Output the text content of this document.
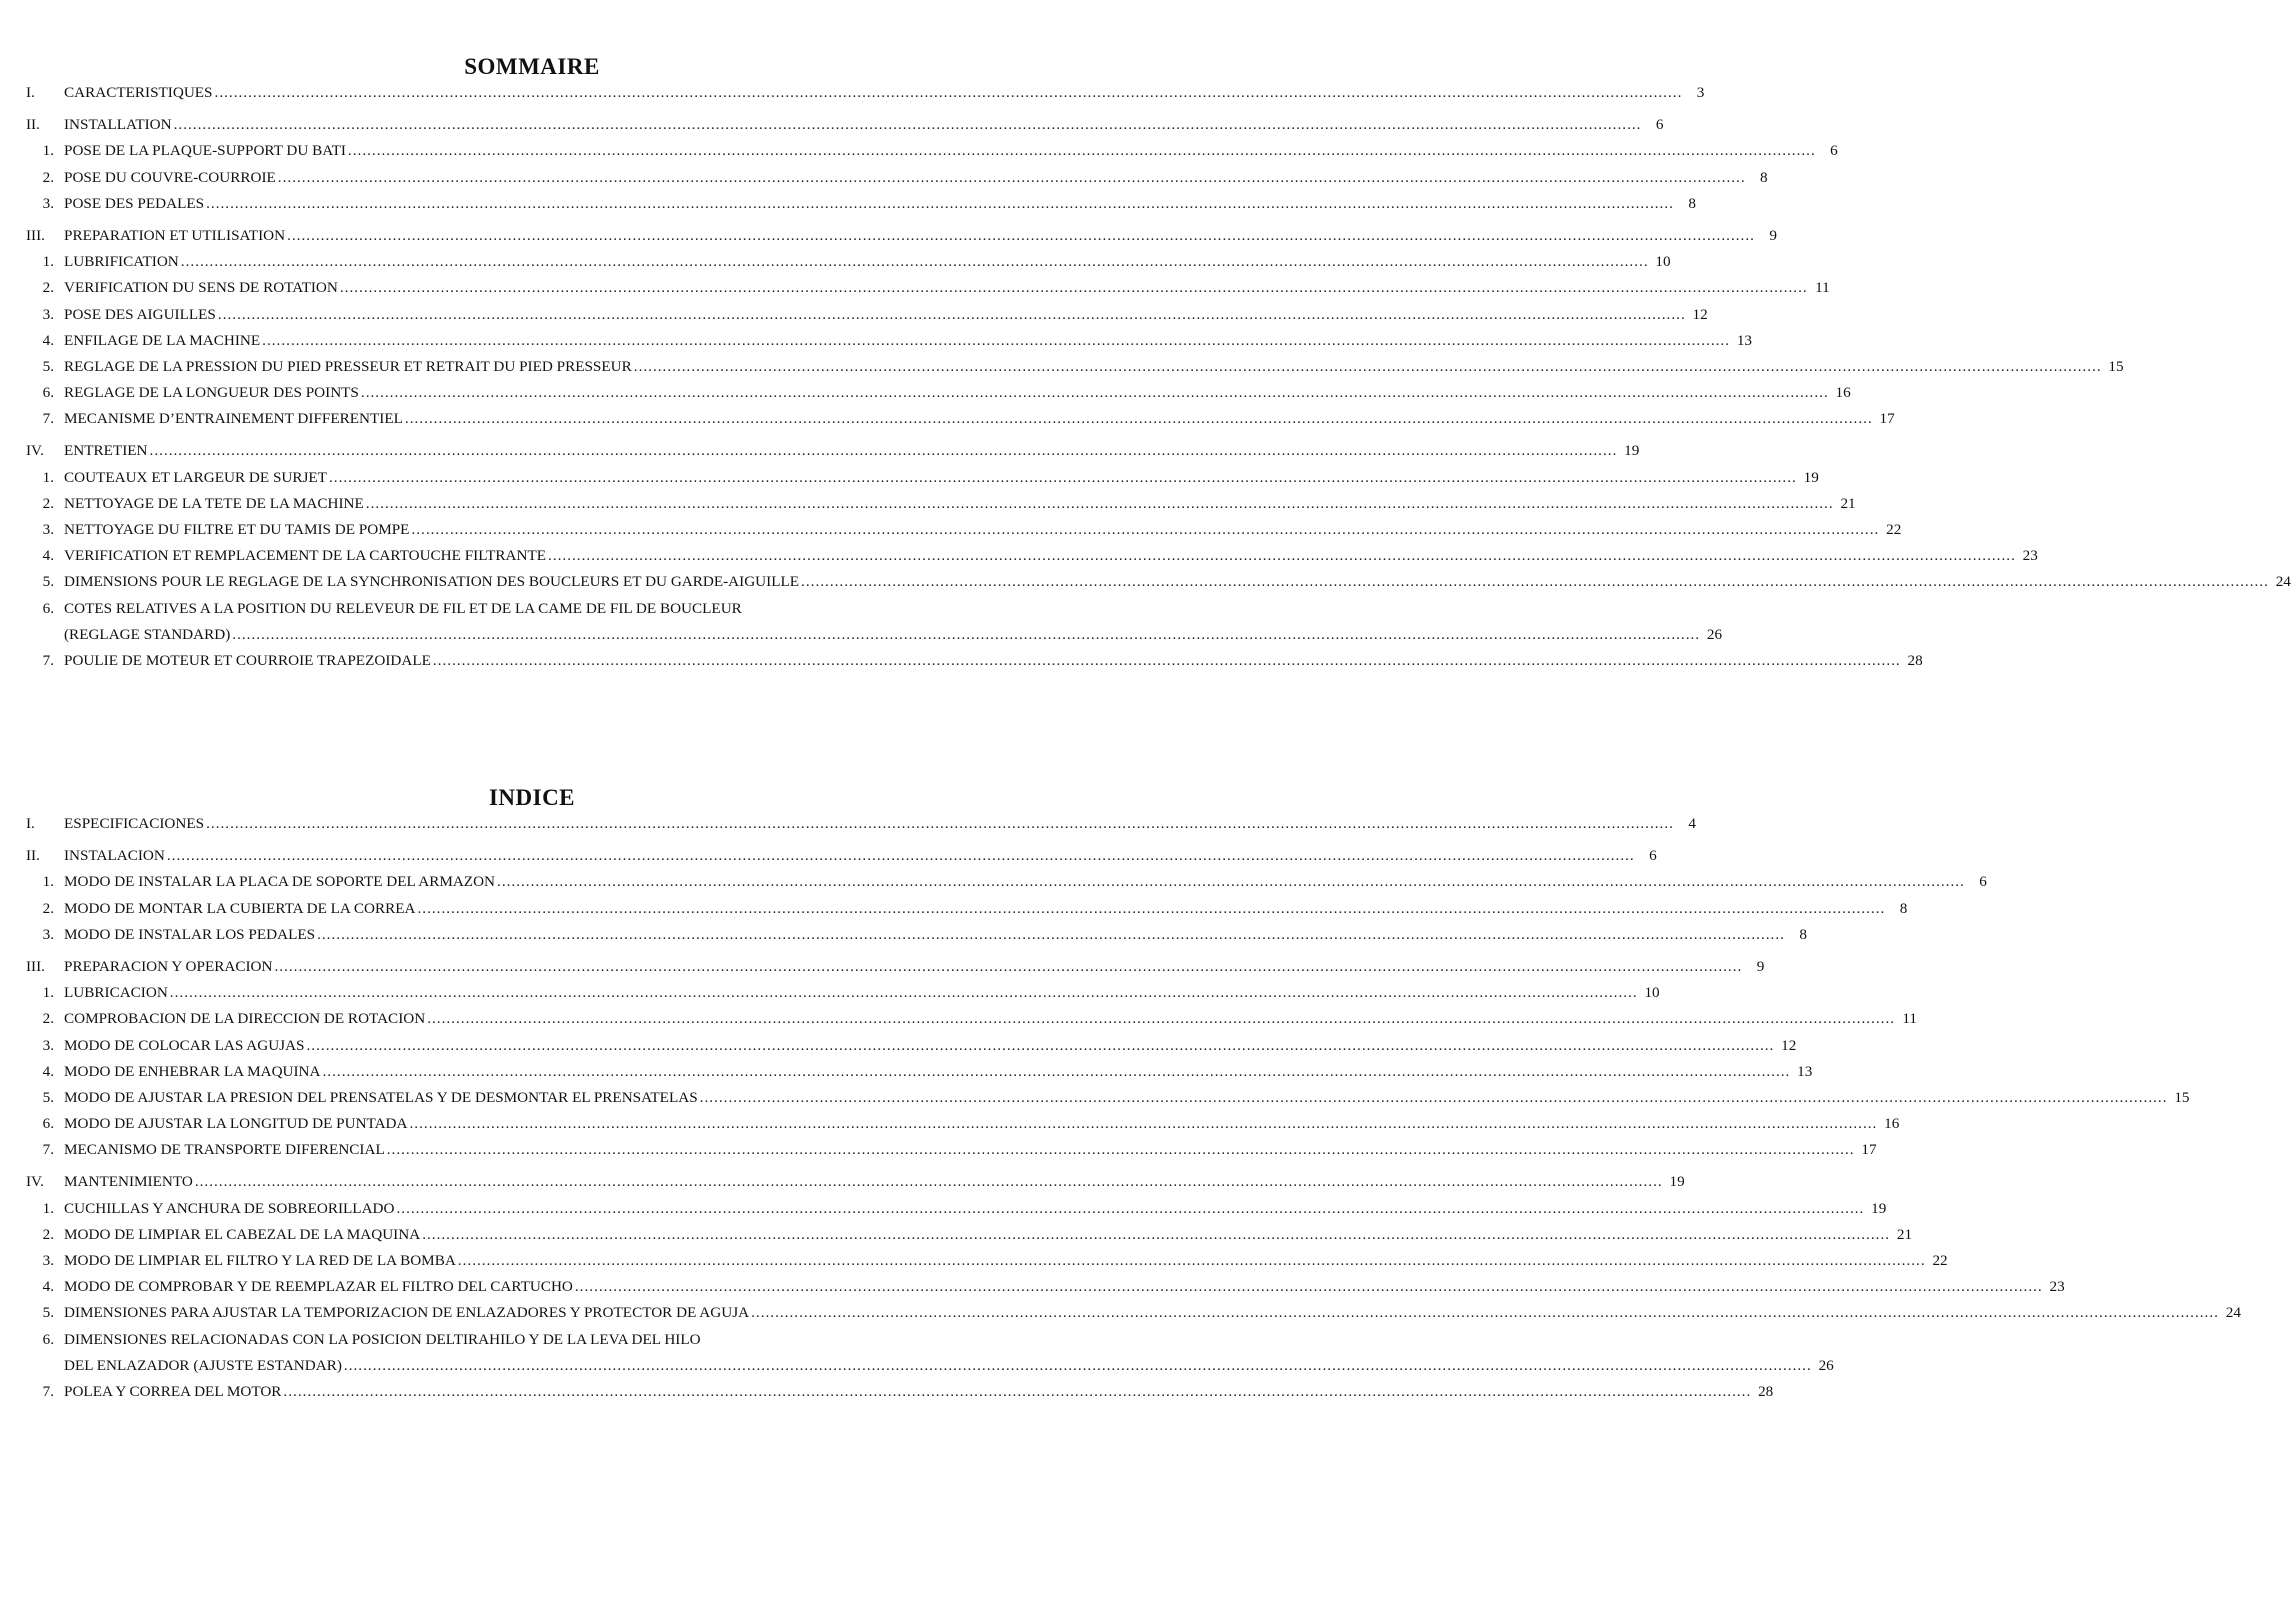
SOMMAIRE
I.	CARACTERISTIQUES .....	3
II.	INSTALLATION .....	6
1. POSE DE LA PLAQUE-SUPPORT DU BATI .....	6
2. POSE DU COUVRE-COURROIE .....	8
3. POSE DES PEDALES .....	8
III.	PREPARATION ET UTILISATION .....	9
1. LUBRIFICATION .....	10
2. VERIFICATION DU SENS DE ROTATION .....	11
3. POSE DES AIGUILLES .....	12
4. ENFILAGE DE LA MACHINE .....	13
5. REGLAGE DE LA PRESSION DU PIED PRESSEUR ET RETRAIT DU PIED PRESSEUR .....	15
6. REGLAGE DE LA LONGUEUR DES POINTS .....	16
7. MECANISME D’ENTRAINEMENT DIFFERENTIEL .....	17
IV.	ENTRETIEN .....	19
1. COUTEAUX ET LARGEUR DE SURJET .....	19
2. NETTOYAGE DE LA TETE DE LA MACHINE .....	21
3. NETTOYAGE DU FILTRE ET DU TAMIS DE POMPE .....	22
4. VERIFICATION ET REMPLACEMENT DE LA CARTOUCHE FILTRANTE .....	23
5. DIMENSIONS POUR LE REGLAGE DE LA SYNCHRONISATION DES BOUCLEURS ET DU GARDE-AIGUILLE .....	24
6. COTES RELATIVES A LA POSITION DU RELEVEUR DE FIL ET DE LA CAME DE FIL DE BOUCLEUR
(REGLAGE STANDARD) .....	26
7. POULIE DE MOTEUR ET COURROIE TRAPEZOIDALE .....	28
INDICE
I.	ESPECIFICACIONES .....	4
II.	INSTALACION .....	6
1. MODO DE INSTALAR LA PLACA DE SOPORTE DEL ARMAZON .....	6
2. MODO DE MONTAR LA CUBIERTA DE LA CORREA .....	8
3. MODO DE INSTALAR LOS PEDALES .....	8
III.	PREPARACION Y OPERACION .....	9
1. LUBRICACION .....	10
2. COMPROBACION DE LA DIRECCION DE ROTACION .....	11
3. MODO DE COLOCAR LAS AGUJAS .....	12
4. MODO DE ENHEBRAR LA MAQUINA .....	13
5. MODO DE AJUSTAR LA PRESION DEL PRENSATELAS Y DE DESMONTAR EL PRENSATELAS .....	15
6. MODO DE AJUSTAR LA LONGITUD DE PUNTADA .....	16
7. MECANISMO DE TRANSPORTE DIFERENCIAL .....	17
IV.	MANTENIMIENTO .....	19
1. CUCHILLAS Y ANCHURA DE SOBREORILLADO .....	19
2. MODO DE LIMPIAR EL CABEZAL DE LA MAQUINA .....	21
3. MODO DE LIMPIAR EL FILTRO Y LA RED DE LA BOMBA .....	22
4. MODO DE COMPROBAR Y DE REEMPLAZAR EL FILTRO DEL CARTUCHO .....	23
5. DIMENSIONES PARA AJUSTAR LA TEMPORIZACION DE ENLAZADORES Y PROTECTOR DE AGUJA .....	24
6. DIMENSIONES RELACIONADAS CON LA POSICION DELTIRAHILO Y DE LA LEVA DEL HILO
DEL ENLAZADOR (AJUSTE ESTANDAR) .....	26
7. POLEA Y CORREA DEL MOTOR .....	28
